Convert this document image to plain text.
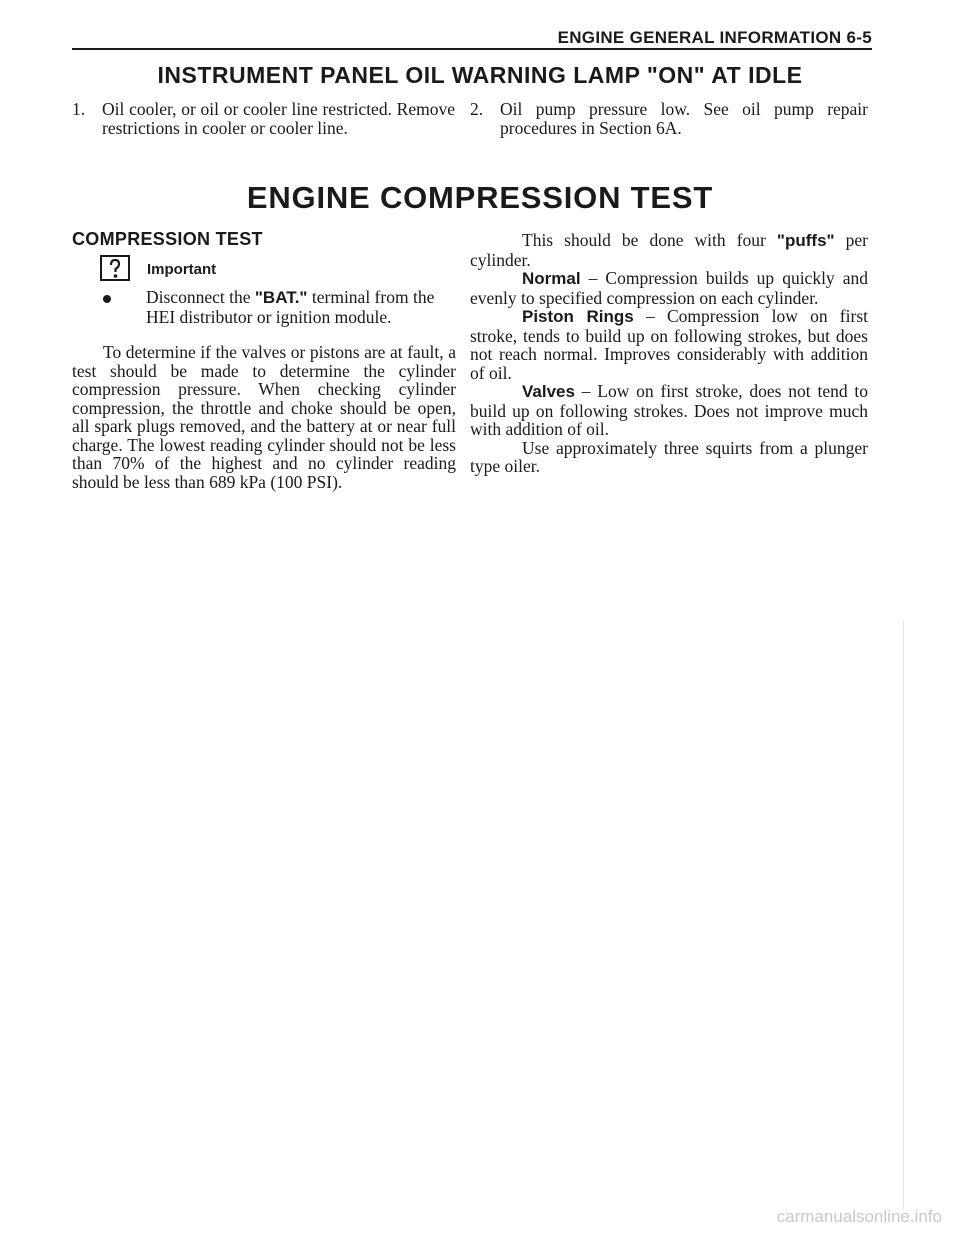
ENGINE GENERAL INFORMATION 6-5
INSTRUMENT PANEL OIL WARNING LAMP "ON" AT IDLE
1. Oil cooler, or oil or cooler line restricted. Remove restrictions in cooler or cooler line.
2. Oil pump pressure low. See oil pump repair procedures in Section 6A.
ENGINE COMPRESSION TEST
COMPRESSION TEST
Important
Disconnect the "BAT." terminal from the HEI distributor or ignition module.

To determine if the valves or pistons are at fault, a test should be made to determine the cylinder compression pressure. When checking cylinder compression, the throttle and choke should be open, all spark plugs removed, and the battery at or near full charge. The lowest reading cylinder should not be less than 70% of the highest and no cylinder reading should be less than 689 kPa (100 PSI).

This should be done with four "puffs" per cylinder.

Normal – Compression builds up quickly and evenly to specified compression on each cylinder.

Piston Rings – Compression low on first stroke, tends to build up on following strokes, but does not reach normal. Improves considerably with addition of oil.

Valves – Low on first stroke, does not tend to build up on following strokes. Does not improve much with addition of oil.

Use approximately three squirts from a plunger type oiler.

carmanualsonline.info
